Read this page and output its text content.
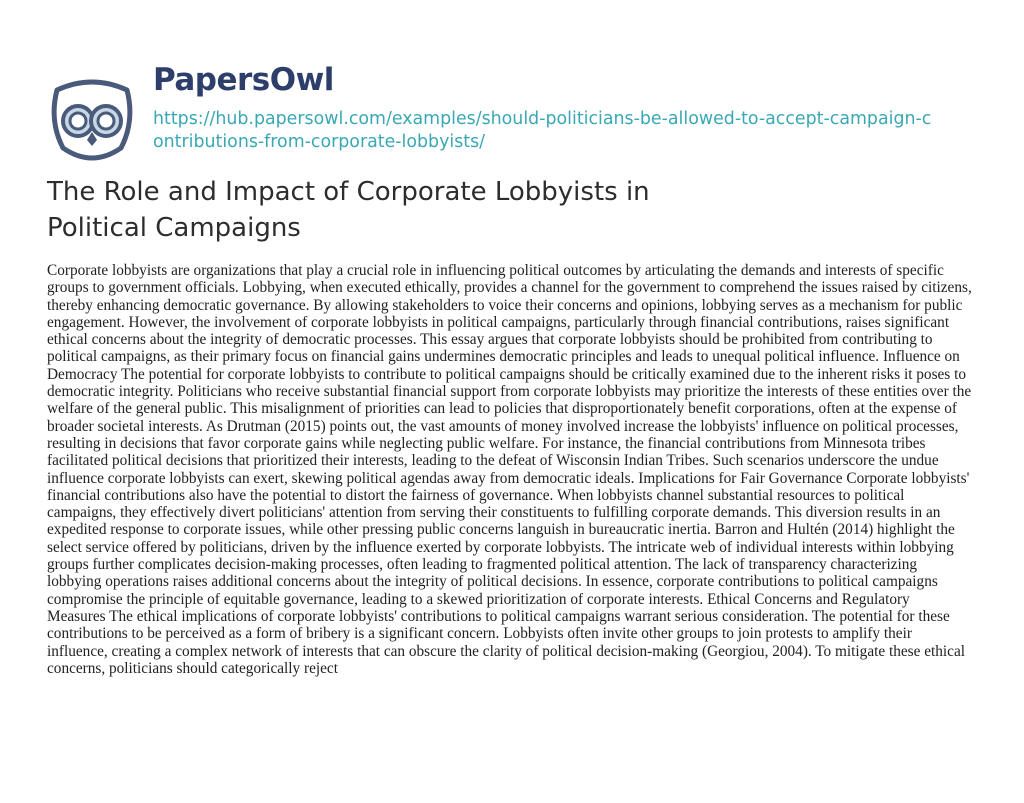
PapersOwl
https://hub.papersowl.com/examples/should-politicians-be-allowed-to-accept-campaign-contributions-from-corporate-lobbyists/
The Role and Impact of Corporate Lobbyists in Political Campaigns

Corporate lobbyists are organizations that play a crucial role in influencing political outcomes by articulating the demands and interests of specific groups to government officials. Lobbying, when executed ethically, provides a channel for the government to comprehend the issues raised by citizens, thereby enhancing democratic governance. By allowing stakeholders to voice their concerns and opinions, lobbying serves as a mechanism for public engagement. However, the involvement of corporate lobbyists in political campaigns, particularly through financial contributions, raises significant ethical concerns about the integrity of democratic processes. This essay argues that corporate lobbyists should be prohibited from contributing to political campaigns, as their primary focus on financial gains undermines democratic principles and leads to unequal political influence. Influence on Democracy The potential for corporate lobbyists to contribute to political campaigns should be critically examined due to the inherent risks it poses to democratic integrity. Politicians who receive substantial financial support from corporate lobbyists may prioritize the interests of these entities over the welfare of the general public. This misalignment of priorities can lead to policies that disproportionately benefit corporations, often at the expense of broader societal interests. As Drutman (2015) points out, the vast amounts of money involved increase the lobbyists' influence on political processes, resulting in decisions that favor corporate gains while neglecting public welfare. For instance, the financial contributions from Minnesota tribes facilitated political decisions that prioritized their interests, leading to the defeat of Wisconsin Indian Tribes. Such scenarios underscore the undue influence corporate lobbyists can exert, skewing political agendas away from democratic ideals. Implications for Fair Governance Corporate lobbyists' financial contributions also have the potential to distort the fairness of governance. When lobbyists channel substantial resources to political campaigns, they effectively divert politicians' attention from serving their constituents to fulfilling corporate demands. This diversion results in an expedited response to corporate issues, while other pressing public concerns languish in bureaucratic inertia. Barron and Hultén (2014) highlight the select service offered by politicians, driven by the influence exerted by corporate lobbyists. The intricate web of individual interests within lobbying groups further complicates decision-making processes, often leading to fragmented political attention. The lack of transparency characterizing lobbying operations raises additional concerns about the integrity of political decisions. In essence, corporate contributions to political campaigns compromise the principle of equitable governance, leading to a skewed prioritization of corporate interests. Ethical Concerns and Regulatory Measures The ethical implications of corporate lobbyists' contributions to political campaigns warrant serious consideration. The potential for these contributions to be perceived as a form of bribery is a significant concern. Lobbyists often invite other groups to join protests to amplify their influence, creating a complex network of interests that can obscure the clarity of political decision-making (Georgiou, 2004). To mitigate these ethical concerns, politicians should categorically reject
